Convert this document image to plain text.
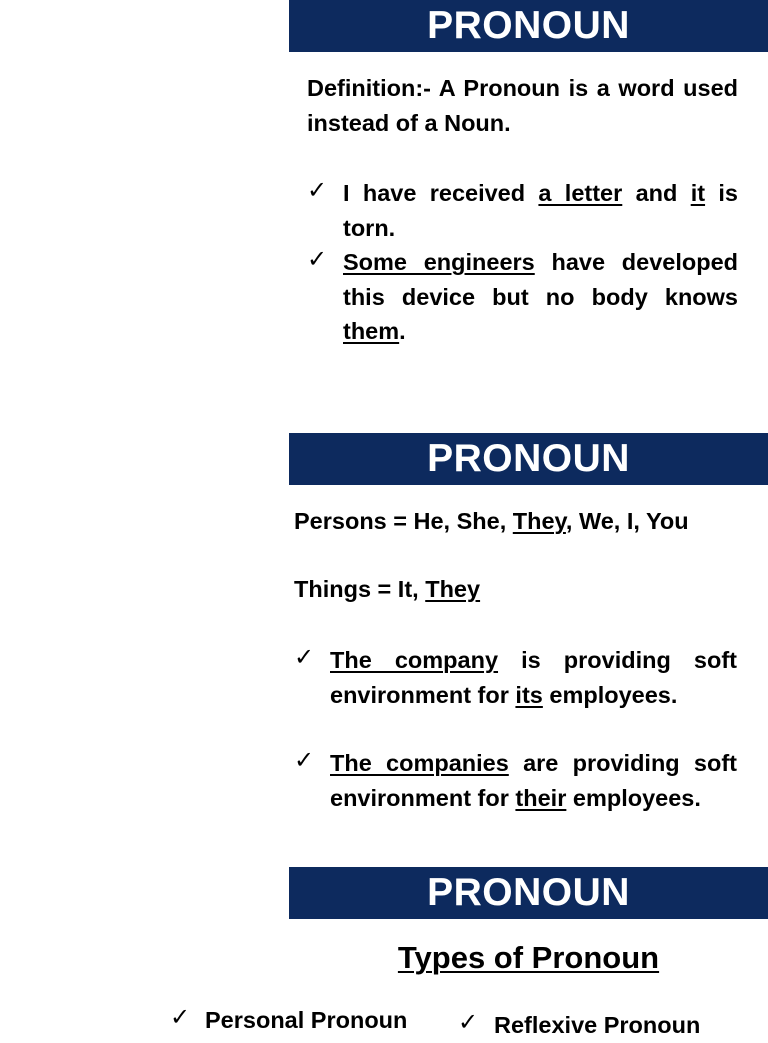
PRONOUN
Definition:- A Pronoun is a word used instead of a Noun.
✓ I have received a letter and it is torn.
✓ Some engineers have developed this device but no body knows them.
PRONOUN
Persons = He, She, They, We, I, You
Things = It, They
✓ The company is providing soft environment for its employees.
✓ The companies are providing soft environment for their employees.
PRONOUN
Types of Pronoun
✓ Personal Pronoun ✓ Reflexive Pronoun
